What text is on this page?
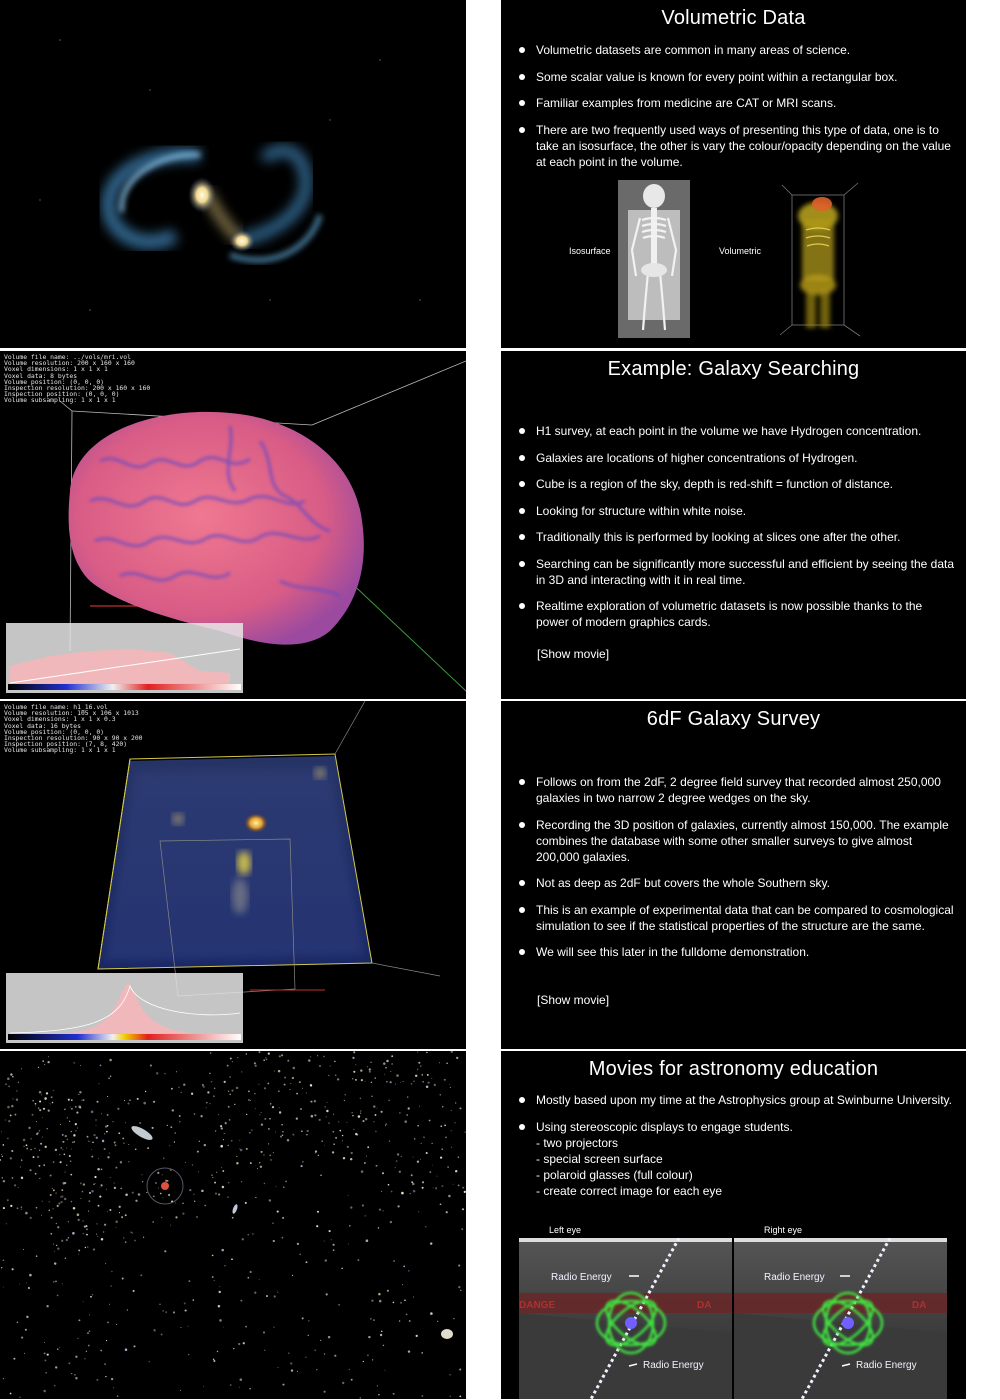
Volumetric Data
Volumetric datasets are common in many areas of science.
Some scalar value is known for every point within a rectangular box.
Familiar examples from medicine are CAT or MRI scans.
There are two frequently used ways of presenting this type of data, one is to take an isosurface, the other is vary the colour/opacity depending on the value at each point in the volume.
Isosurface	Volumetric
Volume file name: ../vols/mri.vol
Volume resolution: 200 x 160 x 160
Voxel dimensions: 1 x 1 x 1
Voxel data: 8 bytes
Volume position: (0, 0, 0)
Inspection resolution: 200 x 160 x 160
Inspection position: (0, 0, 0)
Volume subsampling: 1 x 1 x 1
Example: Galaxy Searching
H1 survey, at each point in the volume we have Hydrogen concentration.
Galaxies are locations of higher concentrations of Hydrogen.
Cube is a region of the sky, depth is red-shift = function of distance.
Looking for structure within white noise.
Traditionally this is performed by looking at slices one after the other.
Searching can be significantly more successful and efficient by seeing the data in 3D and interacting with it in real time.
Realtime exploration of volumetric datasets is now possible thanks to the power of modern graphics cards.
[Show movie]
Volume file name: h1_16.vol
Volume resolution: 105 x 106 x 1013
Voxel dimensions: 1 x 1 x 0.3
Voxel data: 16 bytes
Volume position: (0, 0, 0)
Inspection resolution: 90 x 90 x 200
Inspection position: (7, 8, 420)
Volume subsampling: 1 x 1 x 1
6dF Galaxy Survey
Follows on from the 2dF, 2 degree field survey that recorded almost 250,000 galaxies in two narrow 2 degree wedges on the sky.
Recording the 3D position of galaxies, currently almost 150,000. The example combines the database with some other smaller surveys to give almost 200,000 galaxies.
Not as deep as 2dF but covers the whole Southern sky.
This is an example of experimental data that can be compared to cosmological simulation to see if the statistical properties of the structure are the same.
We will see this later in the fulldome demonstration.
[Show movie]
Movies for astronomy education
Mostly based upon my time at the Astrophysics group at Swinburne University.
Using stereoscopic displays to engage students.
- two projectors
- special screen surface
- polaroid glasses (full colour)
- create correct image for each eye
Left eye	Right eye
Radio Energy
Radio Energy
DANGE	DA
Radio Energy
Radio Energy
DA
